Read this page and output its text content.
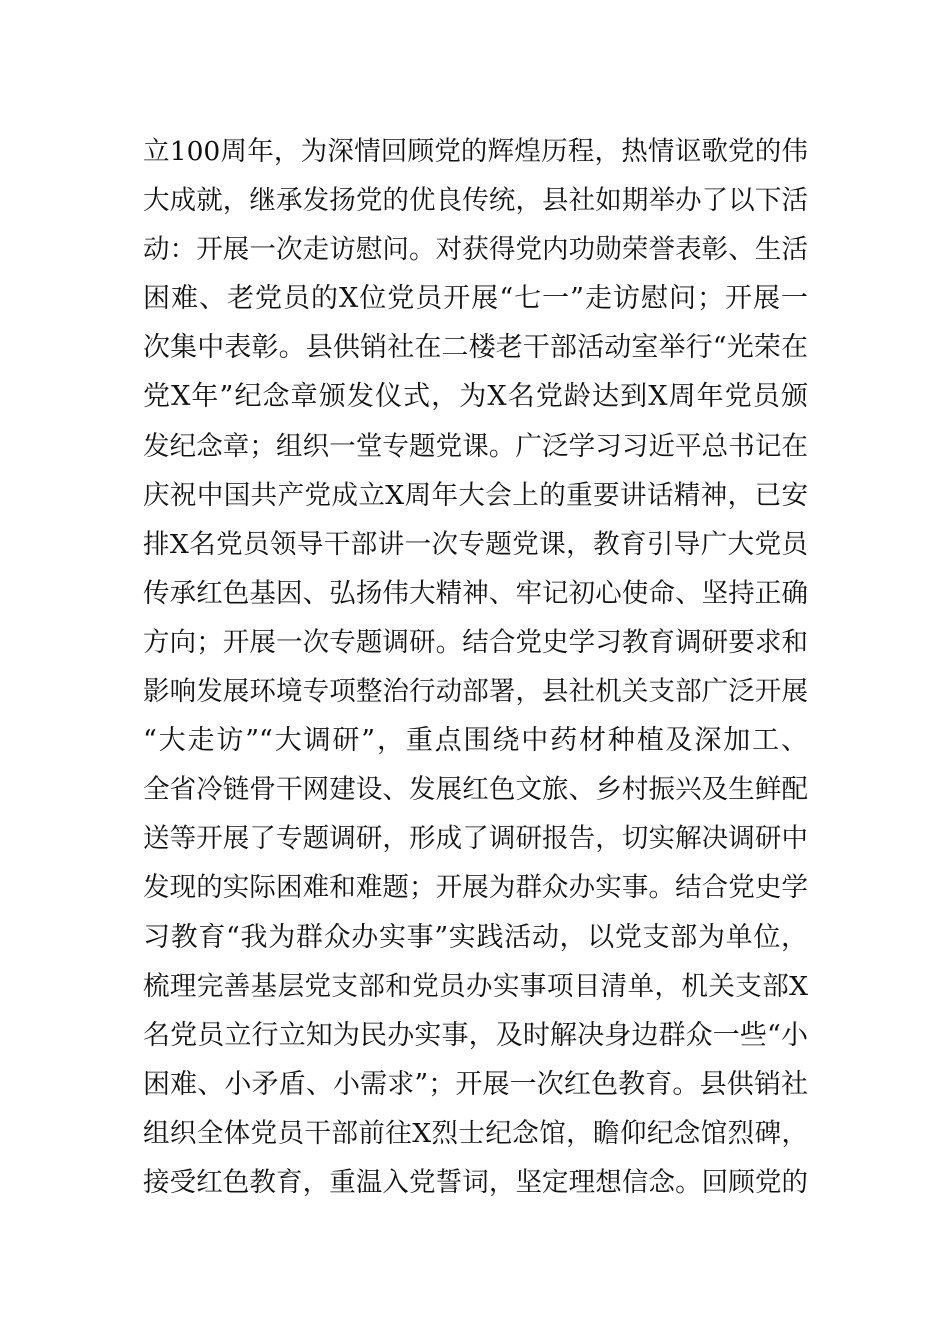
立100周年，为深情回顾党的辉煌历程，热情讴歌党的伟
大成就，继承发扬党的优良传统，县社如期举办了以下活
动：开展一次走访慰问。对获得党内功勋荣誉表彰、生活
困难、老党员的X位党员开展“七一”走访慰问；开展一
次集中表彰。县供销社在二楼老干部活动室举行“光荣在
党X年”纪念章颁发仪式，为X名党龄达到X周年党员颁
发纪念章；组织一堂专题党课。广泛学习习近平总书记在
庆祝中国共产党成立X周年大会上的重要讲话精神，已安
排X名党员领导干部讲一次专题党课，教育引导广大党员
传承红色基因、弘扬伟大精神、牢记初心使命、坚持正确
方向；开展一次专题调研。结合党史学习教育调研要求和
影响发展环境专项整治行动部署，县社机关支部广泛开展
“大走访”“大调研”，重点围绕中药材种植及深加工、
全省冷链骨干网建设、发展红色文旅、乡村振兴及生鲜配
送等开展了专题调研，形成了调研报告，切实解决调研中
发现的实际困难和难题；开展为群众办实事。结合党史学
习教育“我为群众办实事”实践活动，以党支部为单位，
梳理完善基层党支部和党员办实事项目清单，机关支部X
名党员立行立知为民办实事，及时解决身边群众一些“小
困难、小矛盾、小需求”；开展一次红色教育。县供销社
组织全体党员干部前往X烈士纪念馆，瞻仰纪念馆烈碑，
接受红色教育，重温入党誓词，坚定理想信念。回顾党的
